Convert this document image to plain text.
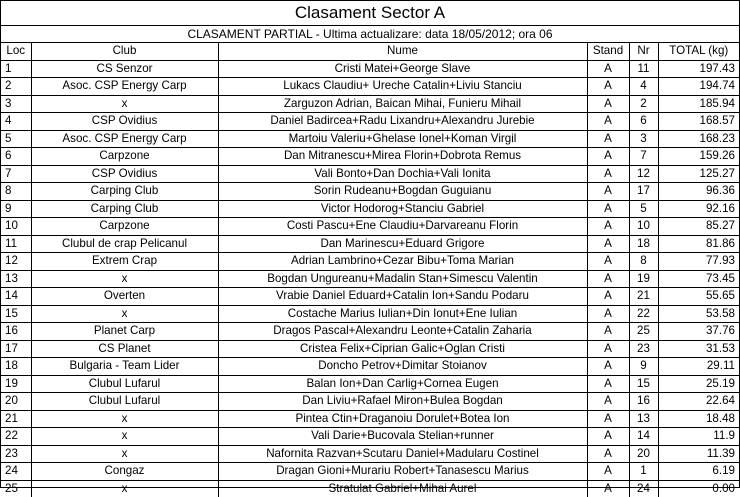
Clasament Sector A
CLASAMENT PARTIAL - Ultima actualizare: data 18/05/2012; ora 06
Loc	Club	Nume	Stand	Nr	TOTAL (kg)
1	CS Senzor	Cristi Matei+George Slave	A	11	197.43
2	Asoc. CSP Energy Carp	Lukacs Claudiu+ Ureche Catalin+Liviu Stanciu	A	4	194.74
3	x	Zarguzon Adrian, Baican Mihai, Funieru Mihail	A	2	185.94
4	CSP Ovidius	Daniel Badircea+Radu Lixandru+Alexandru Jurebie	A	6	168.57
5	Asoc. CSP Energy Carp	Martoiu Valeriu+Ghelase Ionel+Koman Virgil	A	3	168.23
6	Carpzone	Dan Mitranescu+Mirea Florin+Dobrota Remus	A	7	159.26
7	CSP Ovidius	Vali Bonto+Dan Dochia+Vali Ionita	A	12	125.27
8	Carping Club	Sorin Rudeanu+Bogdan Guguianu	A	17	96.36
9	Carping Club	Victor Hodorog+Stanciu Gabriel	A	5	92.16
10	Carpzone	Costi Pascu+Ene Claudiu+Darvareanu Florin	A	10	85.27
11	Clubul de crap Pelicanul	Dan Marinescu+Eduard Grigore	A	18	81.86
12	Extrem Crap	Adrian Lambrino+Cezar Bibu+Toma Marian	A	8	77.93
13	x	Bogdan Ungureanu+Madalin Stan+Simescu Valentin	A	19	73.45
14	Overten	Vrabie Daniel Eduard+Catalin Ion+Sandu Podaru	A	21	55.65
15	x	Costache Marius Iulian+Din Ionut+Ene Iulian	A	22	53.58
16	Planet Carp	Dragos Pascal+Alexandru Leonte+Catalin Zaharia	A	25	37.76
17	CS Planet	Cristea Felix+Ciprian Galic+Oglan Cristi	A	23	31.53
18	Bulgaria - Team Lider	Doncho Petrov+Dimitar Stoianov	A	9	29.11
19	Clubul Lufarul	Balan Ion+Dan Carlig+Cornea Eugen	A	15	25.19
20	Clubul Lufarul	Dan Liviu+Rafael Miron+Bulea Bogdan	A	16	22.64
21	x	Pintea Ctin+Draganoiu Dorulet+Botea Ion	A	13	18.48
22	x	Vali Darie+Bucovala Stelian+runner	A	14	11.9
23	x	Nafornita Razvan+Scutaru Daniel+Madularu Costinel	A	20	11.39
24	Congaz	Dragan Gioni+Murariu Robert+Tanasescu Marius	A	1	6.19
25	x	Stratulat Gabriel+Mihai Aurel	A	24	0.00
